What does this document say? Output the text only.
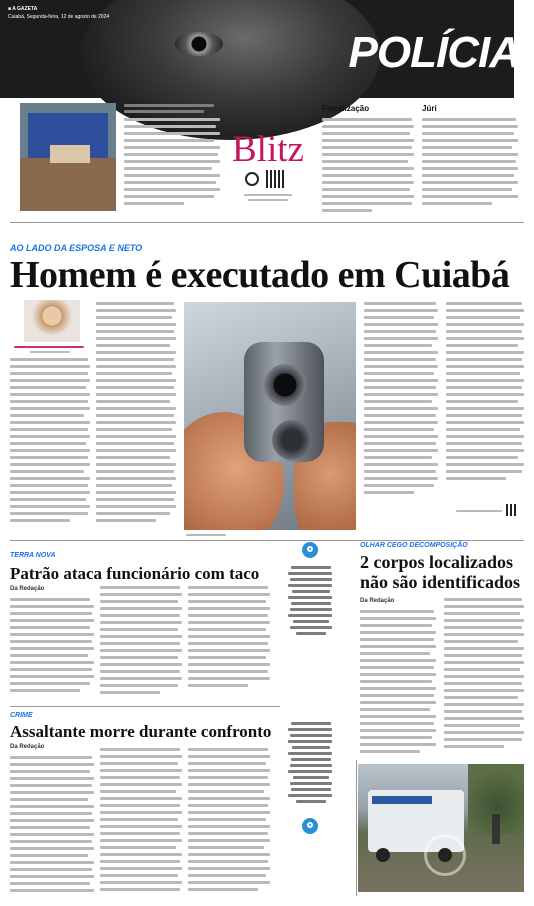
■ A GAZETA
Cuiabá, Segunda-feira, 12 de agosto de 2024
POLÍCIA
Blitz
Fiscalização	Júri
AO LADO DA ESPOSA E NETO
Homem é executado em Cuiabá
TERRA NOVA
Patrão ataca funcionário com taco
Da Redação
OLHAR CEGO DECOMPOSIÇÃO
2 corpos localizados
não são identificados
Da Redação
CRIME
Assaltante morre durante confronto
Da Redação
